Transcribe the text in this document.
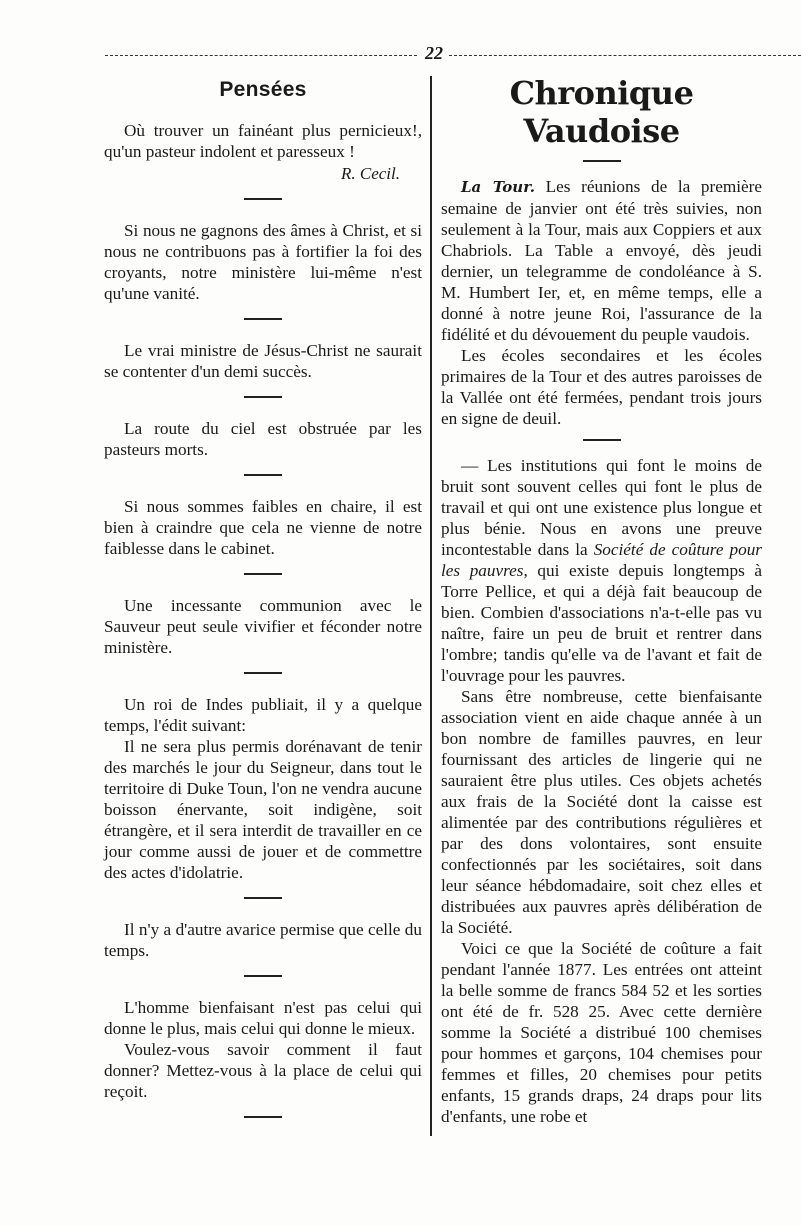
22
Pensées

Où trouver un fainéant plus pernicieux!, qu'un pasteur indolent et paresseux !

R. Cecil.

Si nous ne gagnons des âmes à Christ, et si nous ne contribuons pas à fortifier la foi des croyants, notre ministère lui-même n'est qu'une vanité.

Le vrai ministre de Jésus-Christ ne saurait se contenter d'un demi succès.

La route du ciel est obstruée par les pasteurs morts.

Si nous sommes faibles en chaire, il est bien à craindre que cela ne vienne de notre faiblesse dans le cabinet.

Une incessante communion avec le Sauveur peut seule vivifier et féconder notre ministère.

Un roi de Indes publiait, il y a quelque temps, l'édit suivant:

Il ne sera plus permis dorénavant de tenir des marchés le jour du Seigneur, dans tout le territoire di Duke Toun, l'on ne vendra aucune boisson énervante, soit indigène, soit étrangère, et il sera interdit de travailler en ce jour comme aussi de jouer et de commettre des actes d'idolatrie.

Il n'y a d'autre avarice permise que celle du temps.

L'homme bienfaisant n'est pas celui qui donne le plus, mais celui qui donne le mieux.

Voulez-vous savoir comment il faut donner? Mettez-vous à la place de celui qui reçoit.

Chronique Vaudoise

La Tour. Les réunions de la première semaine de janvier ont été très suivies, non seulement à la Tour, mais aux Coppiers et aux Chabriols. La Table a envoyé, dès jeudi dernier, un telegramme de condoléance à S. M. Humbert Ier, et, en même temps, elle a donné à notre jeune Roi, l'assurance de la fidélité et du dévouement du peuple vaudois.

Les écoles secondaires et les écoles primaires de la Tour et des autres paroisses de la Vallée ont été fermées, pendant trois jours en signe de deuil.

— Les institutions qui font le moins de bruit sont souvent celles qui font le plus de travail et qui ont une existence plus longue et plus bénie. Nous en avons une preuve incontestable dans la Société de coûture pour les pauvres, qui existe depuis longtemps à Torre Pellice, et qui a déjà fait beaucoup de bien. Combien d'associations n'a-t-elle pas vu naître, faire un peu de bruit et rentrer dans l'ombre; tandis qu'elle va de l'avant et fait de l'ouvrage pour les pauvres.

Sans être nombreuse, cette bienfaisante association vient en aide chaque année à un bon nombre de familles pauvres, en leur fournissant des articles de lingerie qui ne sauraient être plus utiles. Ces objets achetés aux frais de la Société dont la caisse est alimentée par des contributions régulières et par des dons volontaires, sont ensuite confectionnés par les sociétaires, soit dans leur séance hébdomadaire, soit chez elles et distribuées aux pauvres après délibération de la Société.

Voici ce que la Société de coûture a fait pendant l'année 1877. Les entrées ont atteint la belle somme de francs 584 52 et les sorties ont été de fr. 528 25. Avec cette dernière somme la Société a distribué 100 chemises pour hommes et garçons, 104 chemises pour femmes et filles, 20 chemises pour petits enfants, 15 grands draps, 24 draps pour lits d'enfants, une robe et
